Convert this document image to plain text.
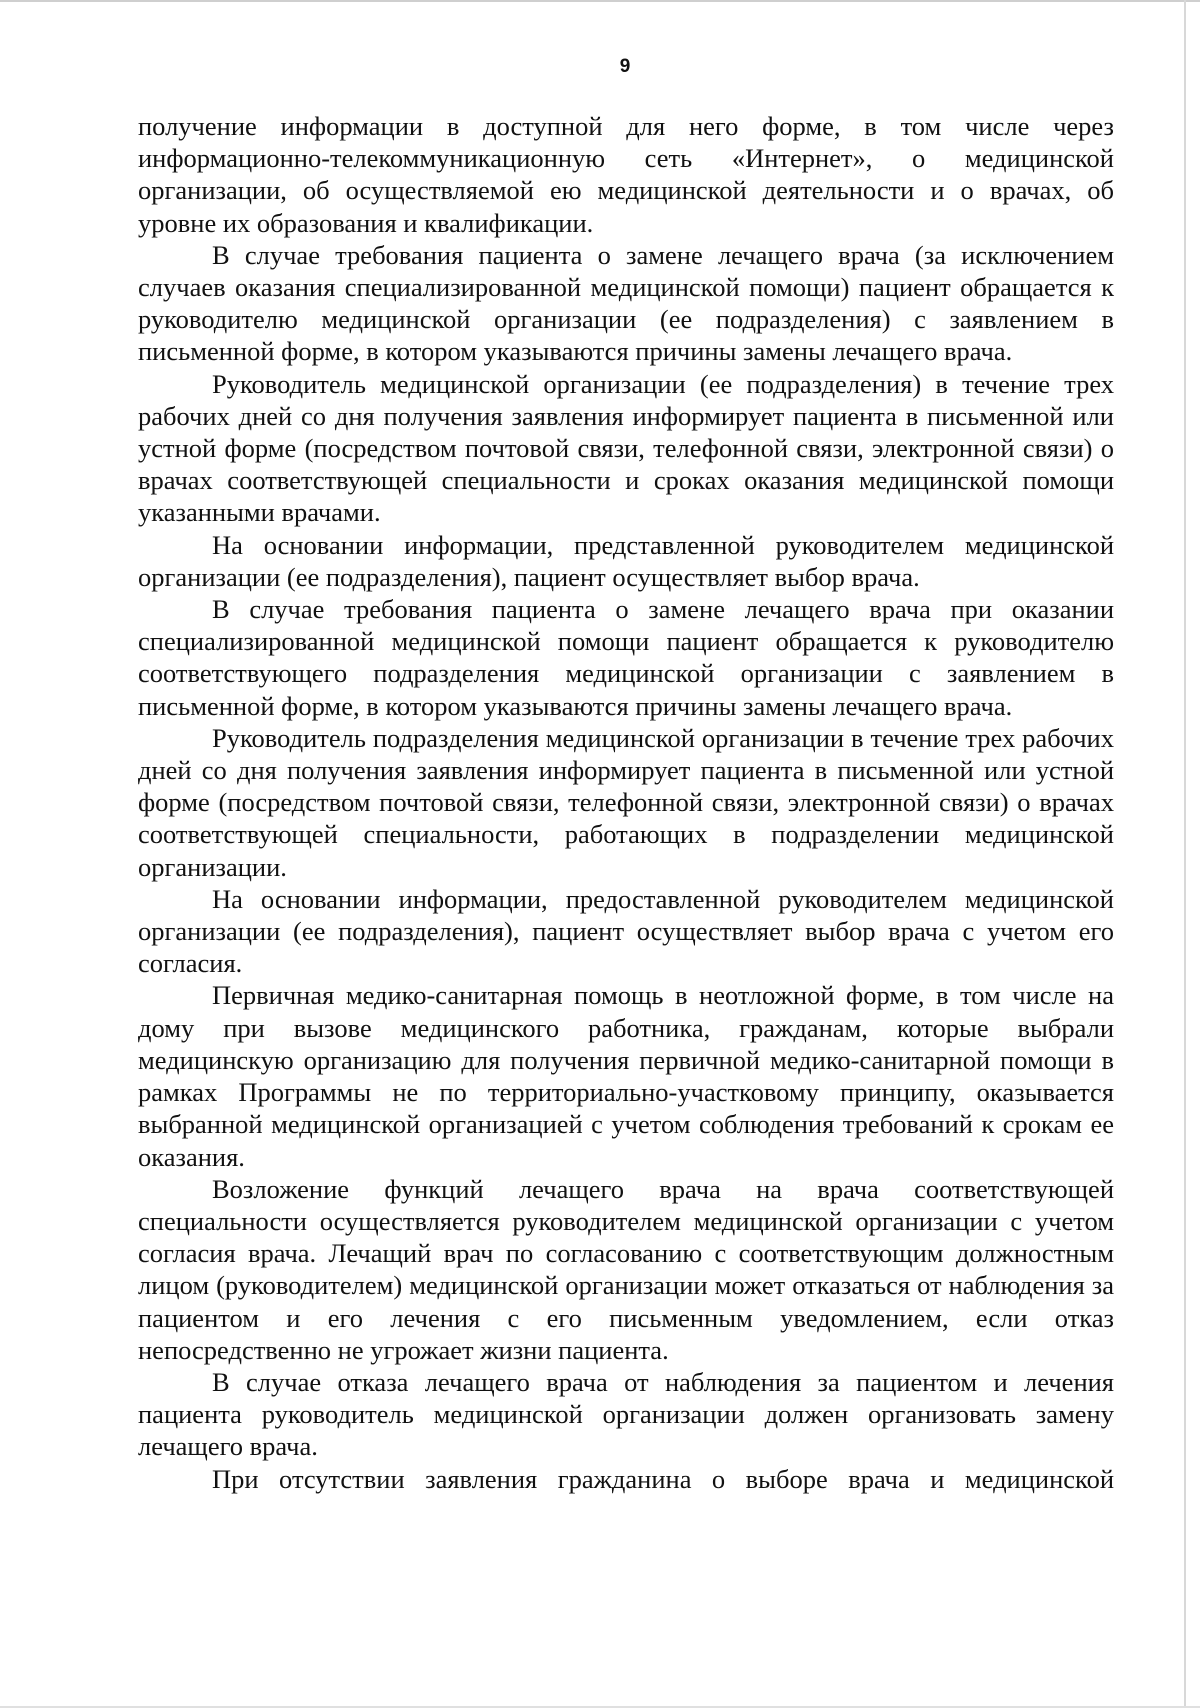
9

получение информации в доступной для него форме, в том числе через информационно-телекоммуникационную сеть «Интернет», о медицинской организации, об осуществляемой ею медицинской деятельности и о врачах, об уровне их образования и квалификации.

В случае требования пациента о замене лечащего врача (за исключением случаев оказания специализированной медицинской помощи) пациент обращается к руководителю медицинской организации (ее подразделения) с заявлением в письменной форме, в котором указываются причины замены лечащего врача.

Руководитель медицинской организации (ее подразделения) в течение трех рабочих дней со дня получения заявления информирует пациента в письменной или устной форме (посредством почтовой связи, телефонной связи, электронной связи) о врачах соответствующей специальности и сроках оказания медицинской помощи указанными врачами.

На основании информации, представленной руководителем медицинской организации (ее подразделения), пациент осуществляет выбор врача.

В случае требования пациента о замене лечащего врача при оказании специализированной медицинской помощи пациент обращается к руководителю соответствующего подразделения медицинской организации с заявлением в письменной форме, в котором указываются причины замены лечащего врача.

Руководитель подразделения медицинской организации в течение трех рабочих дней со дня получения заявления информирует пациента в письменной или устной форме (посредством почтовой связи, телефонной связи, электронной связи) о врачах соответствующей специальности, работающих в подразделении медицинской организации.

На основании информации, предоставленной руководителем медицинской организации (ее подразделения), пациент осуществляет выбор врача с учетом его согласия.

Первичная медико-санитарная помощь в неотложной форме, в том числе на дому при вызове медицинского работника, гражданам, которые выбрали медицинскую организацию для получения первичной медико-санитарной помощи в рамках Программы не по территориально-участковому принципу, оказывается выбранной медицинской организацией с учетом соблюдения требований к срокам ее оказания.

Возложение функций лечащего врача на врача соответствующей специальности осуществляется руководителем медицинской организации с учетом согласия врача. Лечащий врач по согласованию с соответствующим должностным лицом (руководителем) медицинской организации может отказаться от наблюдения за пациентом и его лечения с его письменным уведомлением, если отказ непосредственно не угрожает жизни пациента.

В случае отказа лечащего врача от наблюдения за пациентом и лечения пациента руководитель медицинской организации должен организовать замену лечащего врача.

При отсутствии заявления гражданина о выборе врача и медицинской
